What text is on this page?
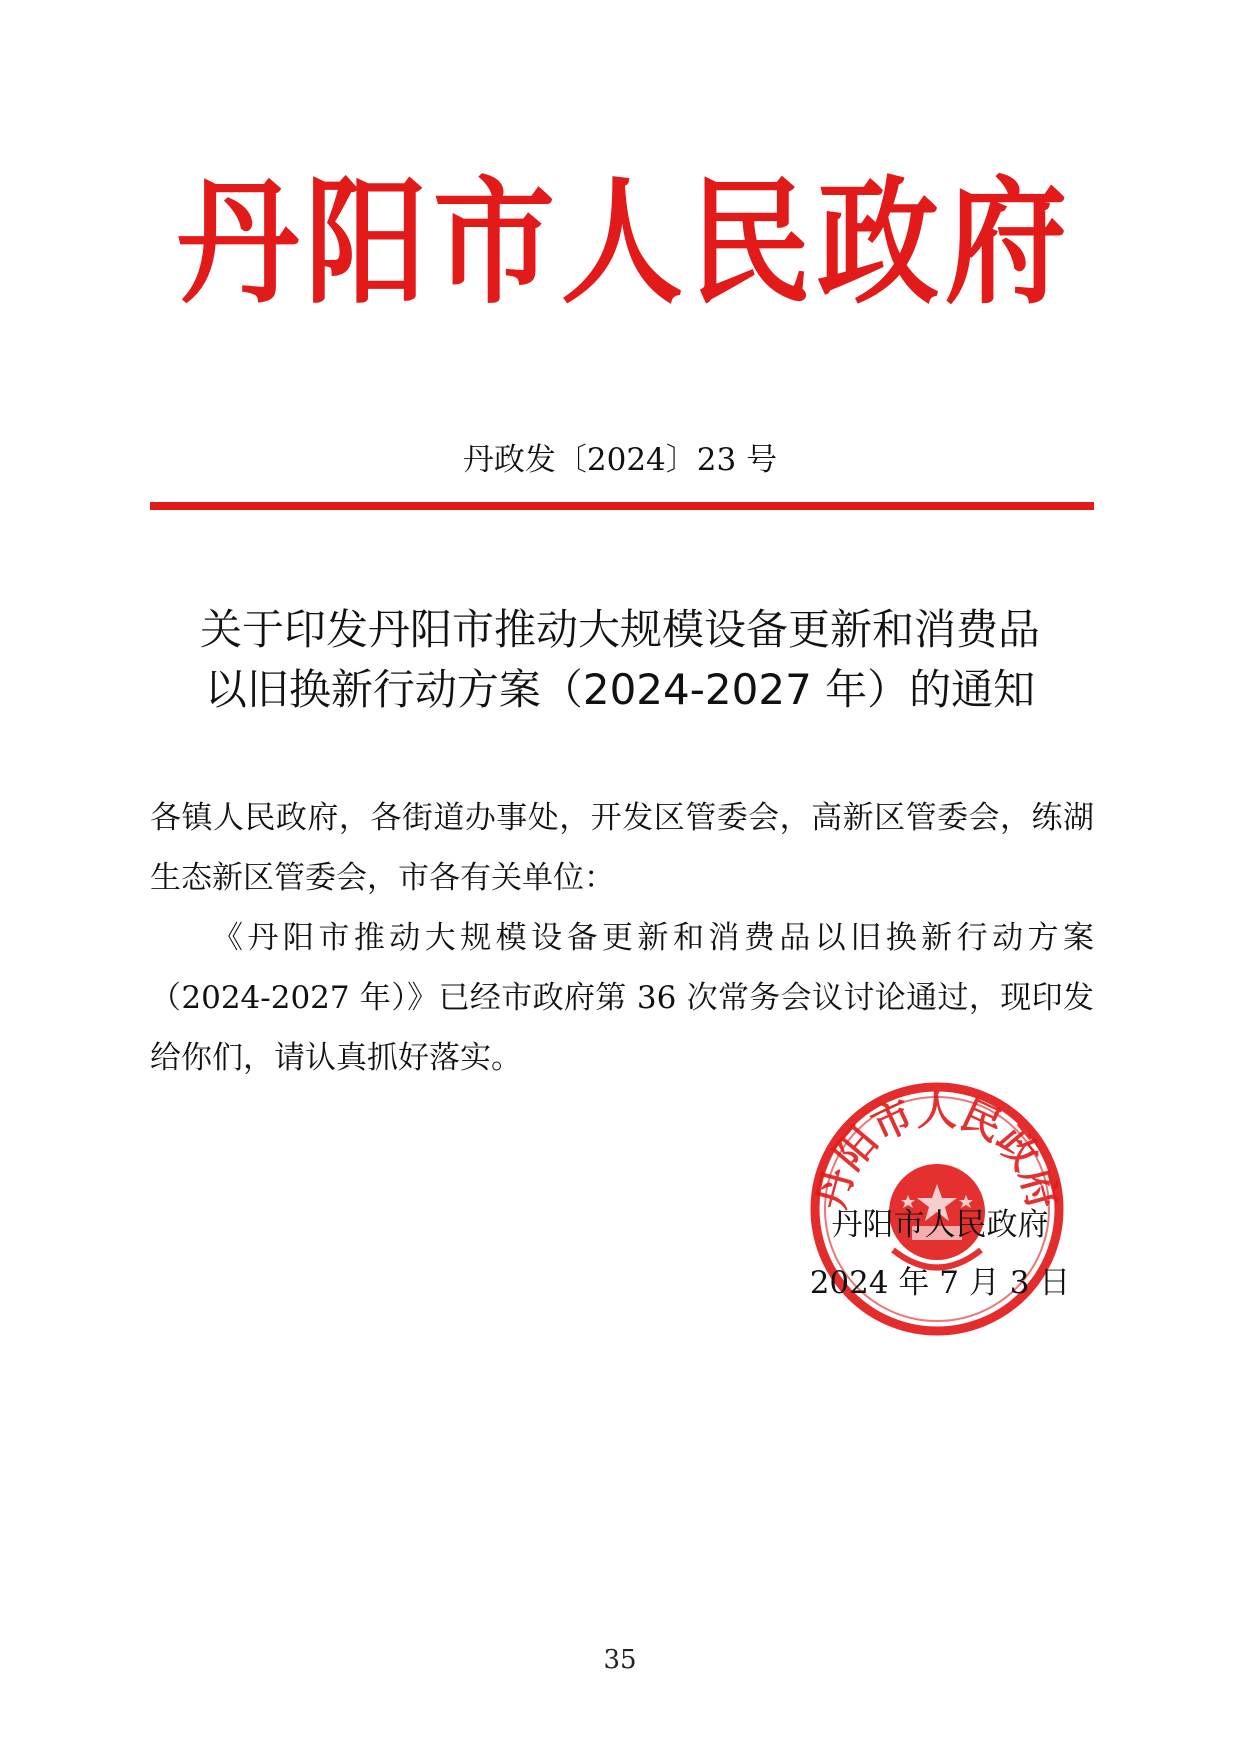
丹阳市人民政府
丹政发〔2024〕23 号
关于印发丹阳市推动大规模设备更新和消费品
以旧换新行动方案（2024-2027 年）的通知

各镇人民政府，各街道办事处，开发区管委会，高新区管委会，练湖生态新区管委会，市各有关单位：

《丹阳市推动大规模设备更新和消费品以旧换新行动方案（2024-2027 年）》已经市政府第 36 次常务会议讨论通过，现印发给你们，请认真抓好落实。

丹阳市人民政府
丹阳市人民政府
2024 年 7 月 3 日
35
